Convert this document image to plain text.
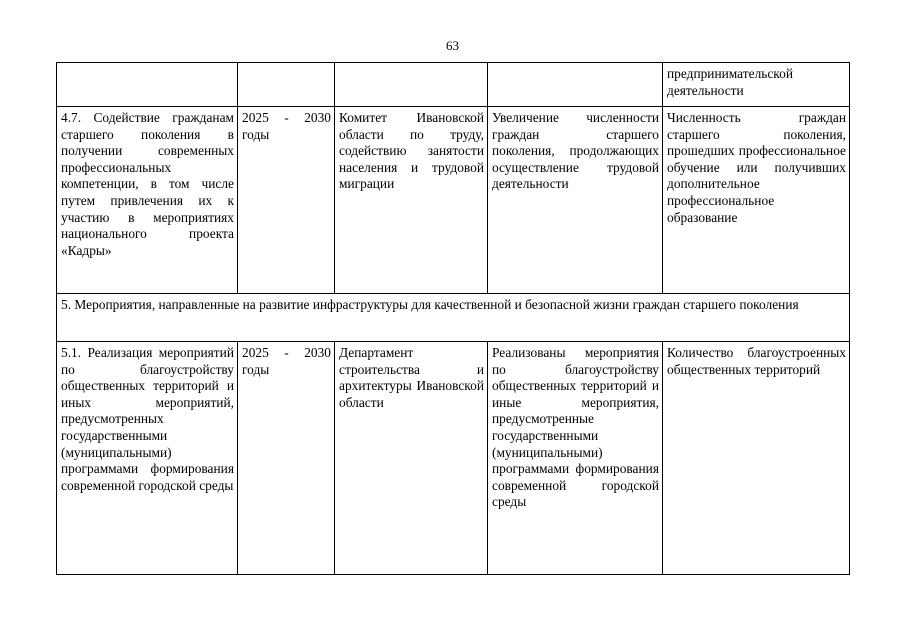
63
				предпринимательской деятельности
4.7. Содействие гражданам старшего поколения в получении современных профессиональных компетенции, в том числе путем привлечения их к участию в мероприятиях национального проекта «Кадры»	2025 - 2030 годы	Комитет Ивановской области по труду, содействию занятости населения и трудовой миграции	Увеличение численности граждан старшего поколения, продолжающих осуществление трудовой деятельности	Численность граждан старшего поколения, прошедших профессиональное обучение или получивших дополнительное профессиональное образование
5. Мероприятия, направленные на развитие инфраструктуры для качественной и безопасной жизни граждан старшего поколения				
5.1. Реализация мероприятий по благоустройству общественных территорий и иных мероприятий, предусмотренных государственными (муниципальными) программами формирования современной городской среды	2025 - 2030 годы	Департамент строительства и архитектуры Ивановской области	Реализованы мероприятия по благоустройству общественных территорий и иные мероприятия, предусмотренные государственными (муниципальными) программами формирования современной городской среды	Количество благоустроенных общественных территорий
